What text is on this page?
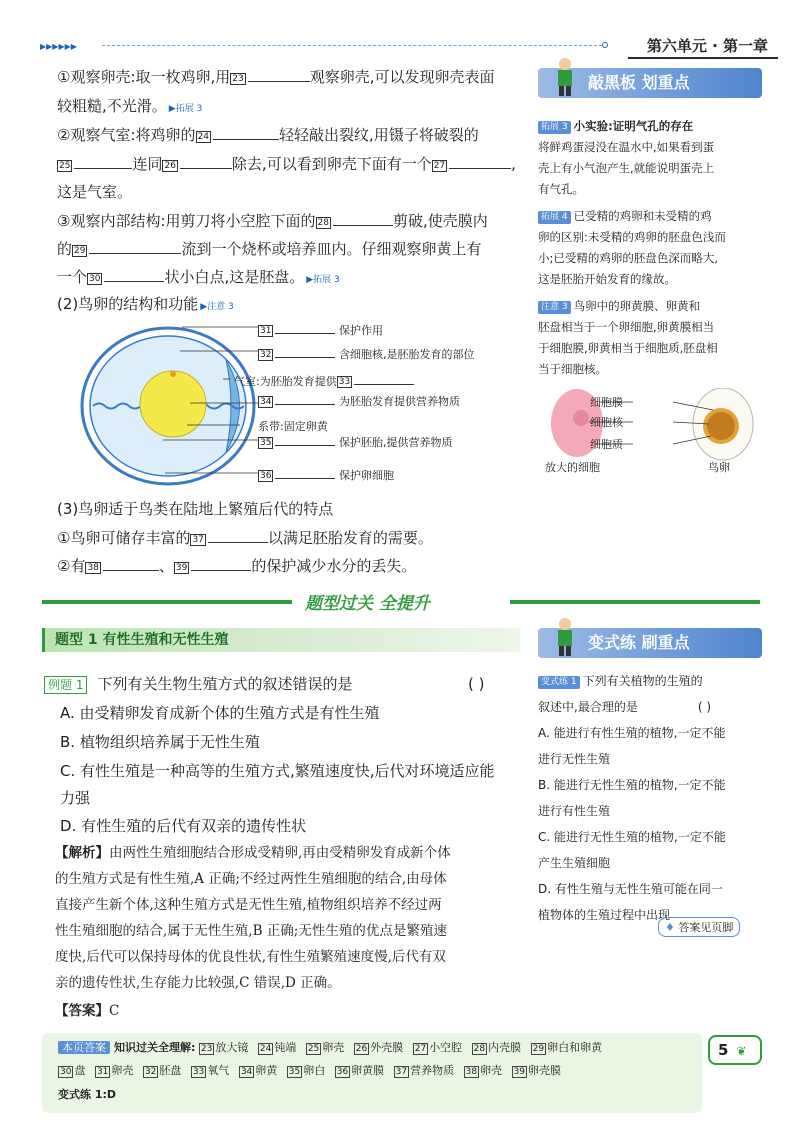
▶▶▶▶▶▶	第六单元 · 第一章
①观察卵壳:取一枚鸡卵,用 23	观察卵壳,可以发现卵壳表面
较粗糙,不光滑。 ▶拓展 3
②观察气室:将鸡卵的 24	轻轻敲出裂纹,用镊子将破裂的
25	连同 26	除去,可以看到卵壳下面有一个 27	,
这是气室。
③观察内部结构:用剪刀将小空腔下面的 28	剪破,使壳膜内
的 29	流到一个烧杯或培养皿内。仔细观察卵黄上有
一个 30	状小白点,这是胚盘。 ▶拓展 3
(2)鸟卵的结构和功能 ▶注意 3
31	保护作用
32	含细胞核,是胚胎发育的部位
气室:为胚胎发育提供 33
34	为胚胎发育提供营养物质
系带:固定卵黄
35	保护胚胎,提供营养物质
36	保护卵细胞
(3)鸟卵适于鸟类在陆地上繁殖后代的特点
①鸟卵可储存丰富的 37	以满足胚胎发育的需要。
②有 38	、 39	的保护减少水分的丢失。
敲黑板 划重点
拓展 3 小实验:证明气孔的存在
将鲜鸡蛋浸没在温水中,如果看到蛋
壳上有小气泡产生,就能说明蛋壳上
有气孔。
拓展 4 已受精的鸡卵和未受精的鸡
卵的区别:未受精的鸡卵的胚盘色浅而
小;已受精的鸡卵的胚盘色深而略大,
这是胚胎开始发育的缘故。
注意 3 鸟卵中的卵黄膜、卵黄和
胚盘相当于一个卵细胞,卵黄膜相当
于细胞膜,卵黄相当于细胞质,胚盘相
当于细胞核。
细胞膜
细胞核
细胞质
放大的细胞	鸟卵
题型过关 全提升
题型 1 有性生殖和无性生殖
例题 1 下列有关生物生殖方式的叙述错误的是	( )
A. 由受精卵发育成新个体的生殖方式是有性生殖
B. 植物组织培养属于无性生殖
C. 有性生殖是一种高等的生殖方式,繁殖速度快,后代对环境适应能
力强
D. 有性生殖的后代有双亲的遗传性状
【解析】由两性生殖细胞结合形成受精卵,再由受精卵发育成新个体
的生殖方式是有性生殖,A 正确;不经过两性生殖细胞的结合,由母体
直接产生新个体,这种生殖方式是无性生殖,植物组织培养不经过两
性生殖细胞的结合,属于无性生殖,B 正确;无性生殖的优点是繁殖速
度快,后代可以保持母体的优良性状,有性生殖繁殖速度慢,后代有双
亲的遗传性状,生存能力比较强,C 错误,D 正确。
【答案】C
变式练 刷重点
变式练 1 下列有关植物的生殖的
叙述中,最合理的是	( )
A. 能进行有性生殖的植物,一定不能
进行无性生殖
B. 能进行无性生殖的植物,一定不能
进行有性生殖
C. 能进行无性生殖的植物,一定不能
产生生殖细胞
D. 有性生殖与无性生殖可能在同一
植物体的生殖过程中出现
♦ 答案见页脚
本页答案 知识过关全理解: 23 放大镜 24 钝端 25 卵壳 26 外壳膜 27 小空腔 28 内壳膜 29 卵白和卵黄
30 盘 31 卵壳 32 胚盘 33 氧气 34 卵黄 35 卵白 36 卵黄膜 37 营养物质 38 卵壳 39 卵壳膜
变式练 1:D
5 ❦
